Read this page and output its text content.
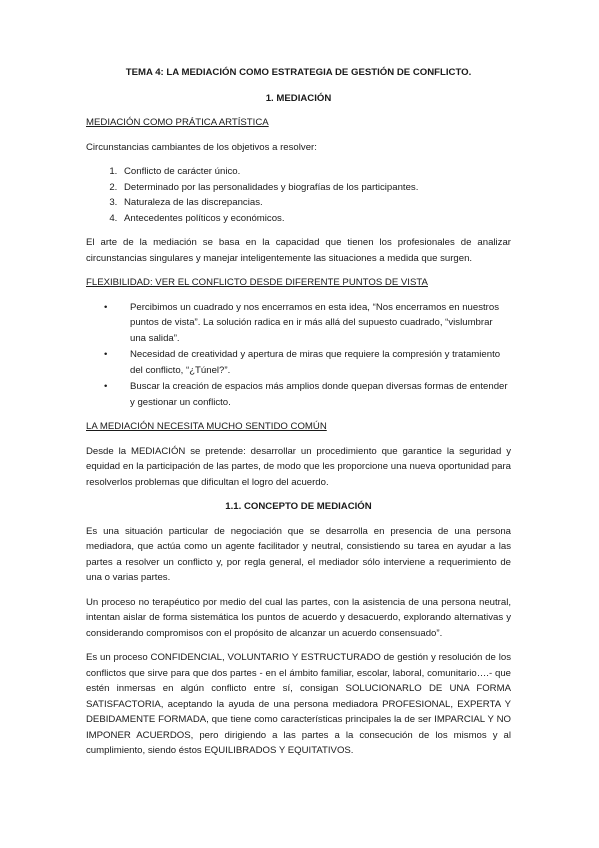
TEMA 4: LA MEDIACIÓN COMO ESTRATEGIA DE GESTIÓN DE CONFLICTO.
1. MEDIACIÓN
MEDIACIÓN COMO PRÁTICA ARTÍSTICA

Circunstancias cambiantes de los objetivos a resolver:

1. Conflicto de carácter único.
2. Determinado por las personalidades y biografías de los participantes.
3. Naturaleza de las discrepancias.
4. Antecedentes políticos y económicos.

El arte de la mediación se basa en la capacidad que tienen los profesionales de analizar circunstancias singulares y manejar inteligentemente las situaciones a medida que surgen.

FLEXIBILIDAD: VER EL CONFLICTO DESDE DIFERENTE PUNTOS DE VISTA
• Percibimos un cuadrado y nos encerramos en esta idea, “Nos encerramos en nuestros puntos de vista”. La solución radica en ir más allá del supuesto cuadrado, “vislumbrar una salida”.
• Necesidad de creatividad y apertura de miras que requiere la compresión y tratamiento del conflicto, “¿Túnel?”.
• Buscar la creación de espacios más amplios donde quepan diversas formas de entender y gestionar un conflicto.
LA MEDIACIÓN NECESITA MUCHO SENTIDO COMÚN

Desde la MEDIACIÓN se pretende: desarrollar un procedimiento que garantice la seguridad y equidad en la participación de las partes, de modo que les proporcione una nueva oportunidad para resolverlos problemas que dificultan el logro del acuerdo.

1.1. CONCEPTO DE MEDIACIÓN

Es una situación particular de negociación que se desarrolla en presencia de una persona mediadora, que actúa como un agente facilitador y neutral, consistiendo su tarea en ayudar a las partes a resolver un conflicto y, por regla general, el mediador sólo interviene a requerimiento de una o varias partes.

Un proceso no terapéutico por medio del cual las partes, con la asistencia de una persona neutral, intentan aislar de forma sistemática los puntos de acuerdo y desacuerdo, explorando alternativas y considerando compromisos con el propósito de alcanzar un acuerdo consensuado”.

Es un proceso CONFIDENCIAL, VOLUNTARIO Y ESTRUCTURADO de gestión y resolución de los conflictos que sirve para que dos partes - en el ámbito familiar, escolar, laboral, comunitario….- que estén inmersas en algún conflicto entre sí, consigan SOLUCIONARLO DE UNA FORMA SATISFACTORIA, aceptando la ayuda de una persona mediadora PROFESIONAL, EXPERTA Y DEBIDAMENTE FORMADA, que tiene como características principales la de ser IMPARCIAL Y NO IMPONER ACUERDOS, pero dirigiendo a las partes a la consecución de los mismos y al cumplimiento, siendo éstos EQUILIBRADOS Y EQUITATIVOS.
